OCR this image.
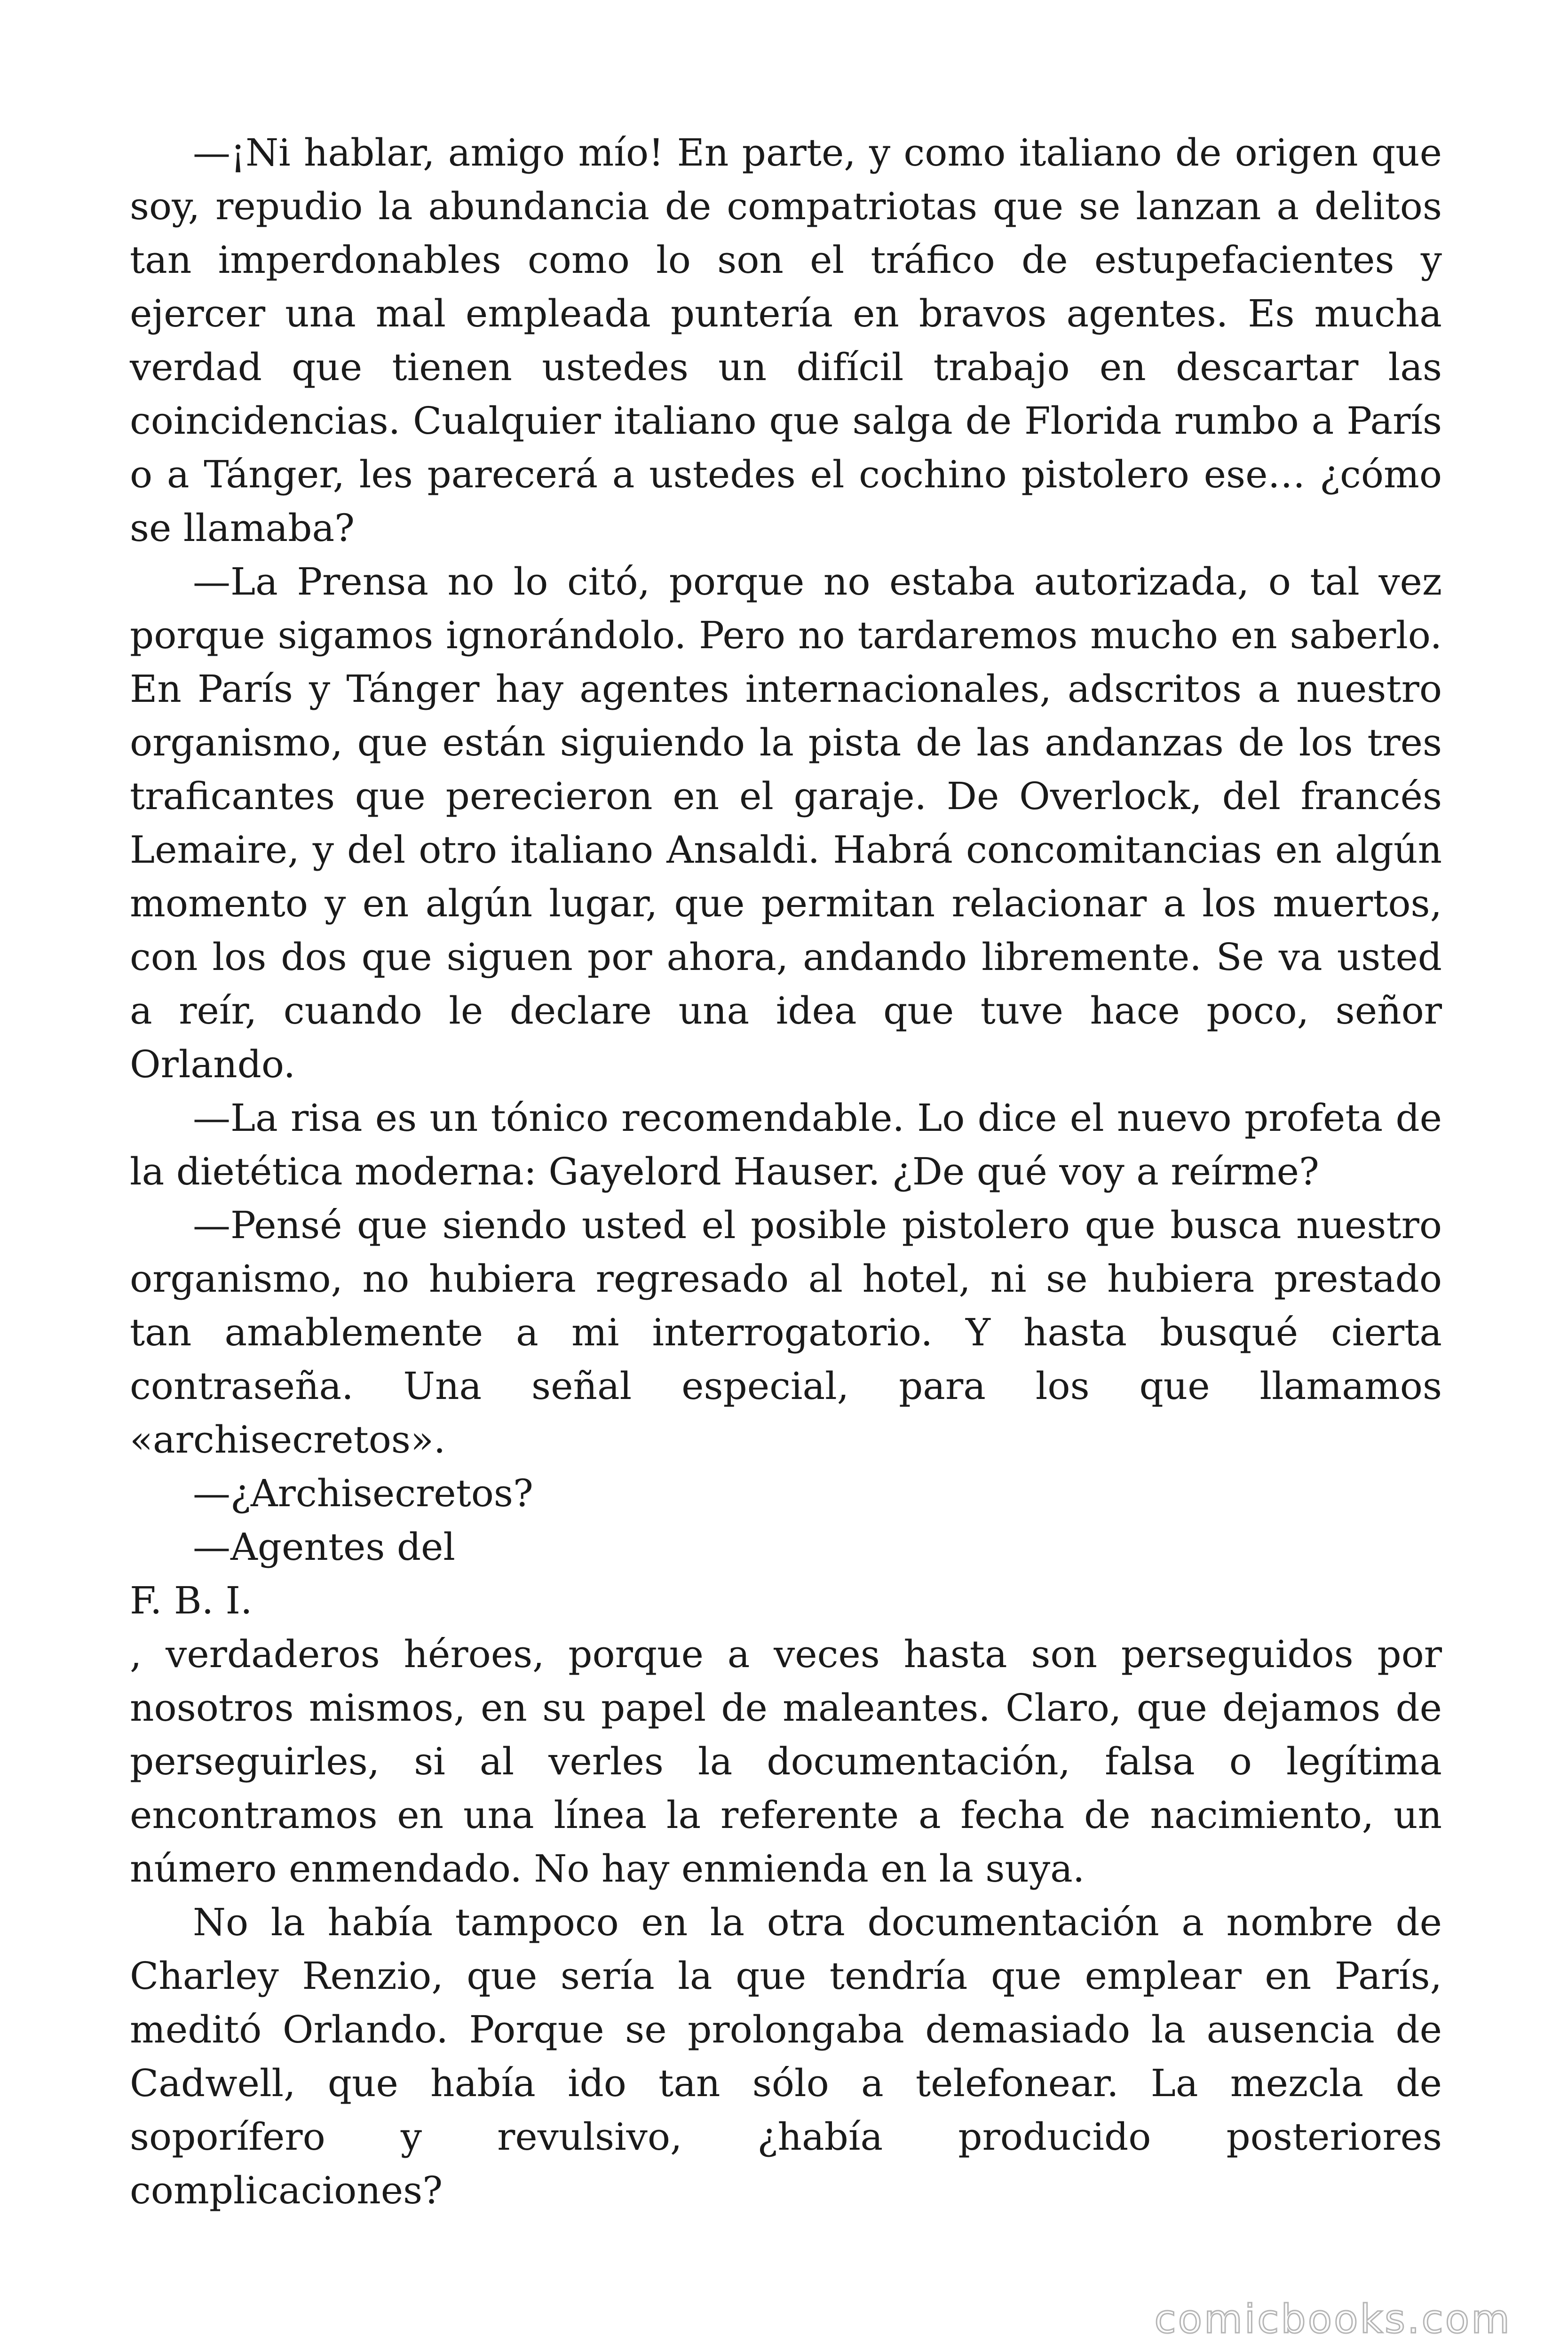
—¡Ni hablar, amigo mío! En parte, y como italiano de origen que soy, repudio la abundancia de compatriotas que se lanzan a delitos tan imperdonables como lo son el tráfico de estupefacientes y ejercer una mal empleada puntería en bravos agentes. Es mucha verdad que tienen ustedes un difícil trabajo en descartar las coincidencias. Cualquier italiano que salga de Florida rumbo a París o a Tánger, les parecerá a ustedes el cochino pistolero ese… ¿cómo se llamaba?

—La Prensa no lo citó, porque no estaba autorizada, o tal vez porque sigamos ignorándolo. Pero no tardaremos mucho en saberlo. En París y Tánger hay agentes internacionales, adscritos a nuestro organismo, que están siguiendo la pista de las andanzas de los tres traficantes que perecieron en el garaje. De Overlock, del francés Lemaire, y del otro italiano Ansaldi. Habrá concomitancias en algún momento y en algún lugar, que permitan relacionar a los muertos, con los dos que siguen por ahora, andando libremente. Se va usted a reír, cuando le declare una idea que tuve hace poco, señor Orlando.

—La risa es un tónico recomendable. Lo dice el nuevo profeta de la dietética moderna: Gayelord Hauser. ¿De qué voy a reírme?

—Pensé que siendo usted el posible pistolero que busca nuestro organismo, no hubiera regresado al hotel, ni se hubiera prestado tan amablemente a mi interrogatorio. Y hasta busqué cierta contraseña. Una señal especial, para los que llamamos «archisecretos».

—¿Archisecretos?

—Agentes del

F. B. I.

, verdaderos héroes, porque a veces hasta son perseguidos por nosotros mismos, en su papel de maleantes. Claro, que dejamos de perseguirles, si al verles la documentación, falsa o legítima encontramos en una línea la referente a fecha de nacimiento, un número enmendado. No hay enmienda en la suya.

No la había tampoco en la otra documentación a nombre de Charley Renzio, que sería la que tendría que emplear en París, meditó Orlando. Porque se prolongaba demasiado la ausencia de Cadwell, que había ido tan sólo a telefonear. La mezcla de soporífero y revulsivo, ¿había producido posteriores complicaciones?

comicbooks.com
